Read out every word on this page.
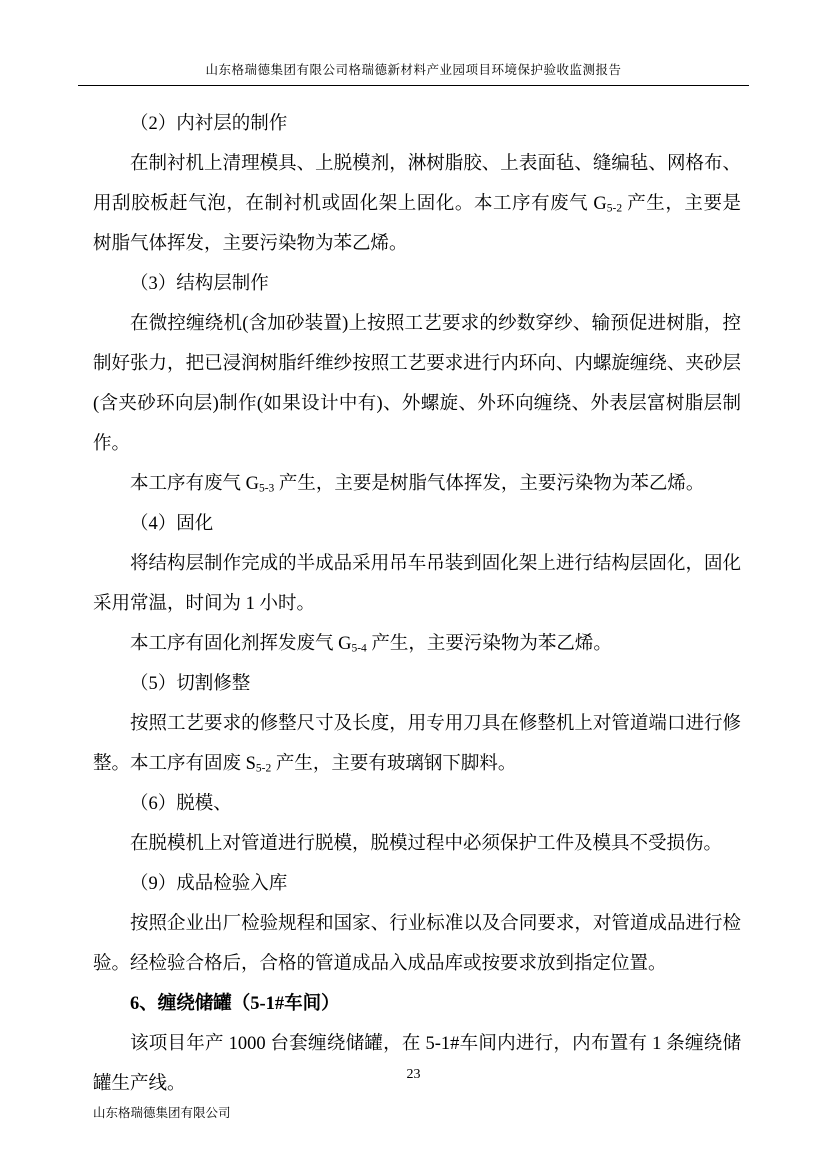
山东格瑞德集团有限公司格瑞德新材料产业园项目环境保护验收监测报告

（2）内衬层的制作

在制衬机上清理模具、上脱模剂，淋树脂胶、上表面毡、缝编毡、网格布、用刮胶板赶气泡，在制衬机或固化架上固化。本工序有废气 $G_{5-2}$ 产生，主要是树脂气体挥发，主要污染物为苯乙烯。

（3）结构层制作

在微控缠绕机(含加砂装置)上按照工艺要求的纱数穿纱、输预促进树脂，控制好张力，把已浸润树脂纤维纱按照工艺要求进行内环向、内螺旋缠绕、夹砂层(含夹砂环向层)制作(如果设计中有)、外螺旋、外环向缠绕、外表层富树脂层制作。

本工序有废气 $G_{5-3}$ 产生，主要是树脂气体挥发，主要污染物为苯乙烯。

（4）固化

将结构层制作完成的半成品采用吊车吊装到固化架上进行结构层固化，固化采用常温，时间为 1 小时。

本工序有固化剂挥发废气 $G_{5-4}$ 产生，主要污染物为苯乙烯。

（5）切割修整

按照工艺要求的修整尺寸及长度，用专用刀具在修整机上对管道端口进行修整。本工序有固废 $S_{5-2}$ 产生，主要有玻璃钢下脚料。

（6）脱模、

在脱模机上对管道进行脱模，脱模过程中必须保护工件及模具不受损伤。

（9）成品检验入库

按照企业出厂检验规程和国家、行业标准以及合同要求，对管道成品进行检验。经检验合格后，合格的管道成品入成品库或按要求放到指定位置。

6、缠绕储罐（5-1#车间）

该项目年产 1000 台套缠绕储罐，在 5-1#车间内进行，内布置有 1 条缠绕储罐生产线。	23
山东格瑞德集团有限公司
